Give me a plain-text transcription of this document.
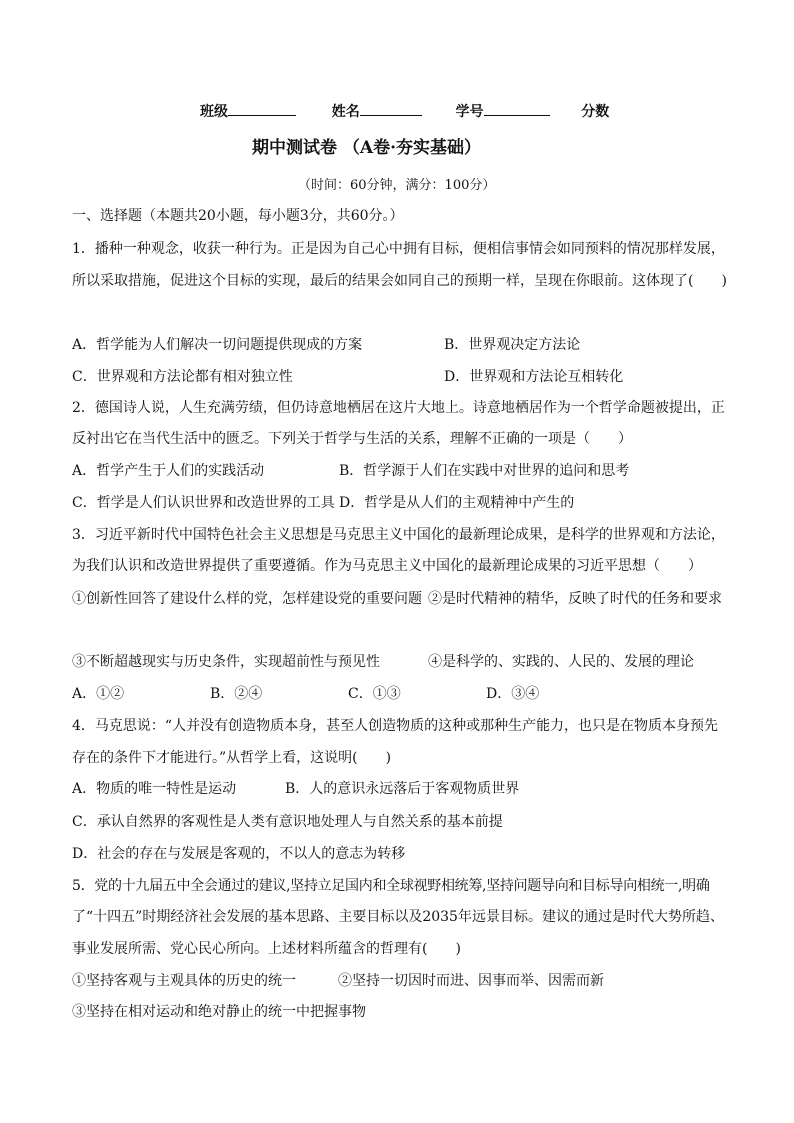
班级	姓名	学号	分数
期中测试卷 （A卷·夯实基础）
（时间：60分钟，满分：100分）
一、选择题（本题共20小题，每小题3分，共60分。）
1．播种一种观念，收获一种行为。正是因为自己心中拥有目标，便相信事情会如同预料的情况那样发展，
所以采取措施，促进这个目标的实现，最后的结果会如同自己的预期一样，呈现在你眼前。这体现了(　　)
A．哲学能为人们解决一切问题提供现成的方案	B．世界观决定方法论
C．世界观和方法论都有相对独立性	D．世界观和方法论互相转化
2．德国诗人说，人生充满劳绩，但仍诗意地栖居在这片大地上。诗意地栖居作为一个哲学命题被提出，正
反衬出它在当代生活中的匮乏。下列关于哲学与生活的关系，理解不正确的一项是（　　）
A．哲学产生于人们的实践活动	B．哲学源于人们在实践中对世界的追问和思考
C．哲学是人们认识世界和改造世界的工具 D．哲学是从人们的主观精神中产生的
3．习近平新时代中国特色社会主义思想是马克思主义中国化的最新理论成果，是科学的世界观和方法论，
为我们认识和改造世界提供了重要遵循。作为马克思主义中国化的最新理论成果的习近平思想（　　）
①创新性回答了建设什么样的党，怎样建设党的重要问题 ②是时代精神的精华，反映了时代的任务和要求
③不断超越现实与历史条件，实现超前性与预见性	④是科学的、实践的、人民的、发展的理论
A．①②	B．②④	C．①③	D．③④
4．马克思说：“人并没有创造物质本身，甚至人创造物质的这种或那种生产能力，也只是在物质本身预先
存在的条件下才能进行。”从哲学上看，这说明(　　)
A．物质的唯一特性是运动	B．人的意识永远落后于客观物质世界
C．承认自然界的客观性是人类有意识地处理人与自然关系的基本前提
D．社会的存在与发展是客观的，不以人的意志为转移
5．党的十九届五中全会通过的建议,坚持立足国内和全球视野相统筹,坚持问题导向和目标导向相统一,明确
了“十四五”时期经济社会发展的基本思路、主要目标以及2035年远景目标。建议的通过是时代大势所趋、
事业发展所需、党心民心所向。上述材料所蕴含的哲理有(　　)
①坚持客观与主观具体的历史的统一	②坚持一切因时而进、因事而举、因需而新
③坚持在相对运动和绝对静止的统一中把握事物
